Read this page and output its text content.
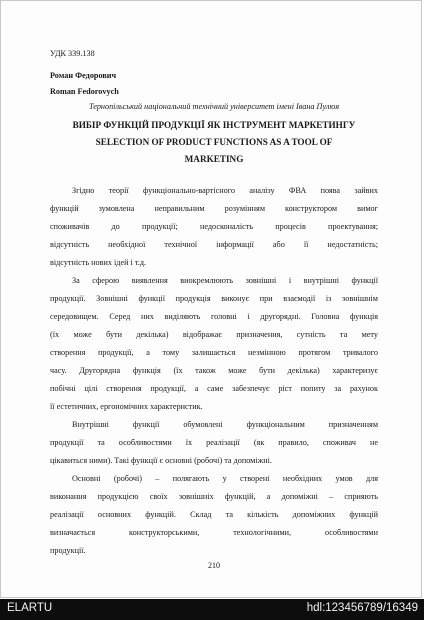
УДК 339.138
Роман Федорович
Roman Fedorovych
Тернопільський національний технічний університет імені Івана Пулюя
ВИБІР ФУНКЦІЙ ПРОДУКЦІЇ ЯК ІНСТРУМЕНТ МАРКЕТИНГУ
SELECTION OF PRODUCT FUNCTIONS AS A TOOL OF
MARKETING
Згідно теорії функціонально-вартісного аналізу ФВА поява зайвих
функцій зумовлена неправильним розумінням конструктором вимог
споживачів до продукції; недосконалість процесів проектування;
відсутність необхідної технічної інформації або її недостатність;
відсутність нових ідей і т.д.
За сферою виявлення виокремлюють зовнішні і внутрішні функції
продукції. Зовнішні функції продукція виконує при взаємодії із зовнішнім
середовищем. Серед них виділяють головні і другорядні. Головна функція
(їх може бути декілька) відображає призначення, сутність та мету
створення продукції, а тому залишається незмінною протягом тривалого
часу. Другорядна функція (їх також може бути декілька) характеризує
побічні цілі створення продукції, а саме забезпечує ріст попиту за рахунок
її естетичних, ергономічних характеристик.
Внутрішні функції обумовлені функціональним призначенням
продукції та особливостями їх реалізації (як правило, споживач не
цікавиться ними). Такі функції є основні (робочі) та допоміжні.
Основні (робочі) – полягають у створені необхідних умов для
виконання продукцією своїх зовнішніх функцій, а допоміжні – сприяють
реалізації основних функцій. Склад та кількість допоміжних функцій
визначається конструкторськими, технологічними, особливостями
продукції.
210
ELARTU	hdl:123456789/16349
